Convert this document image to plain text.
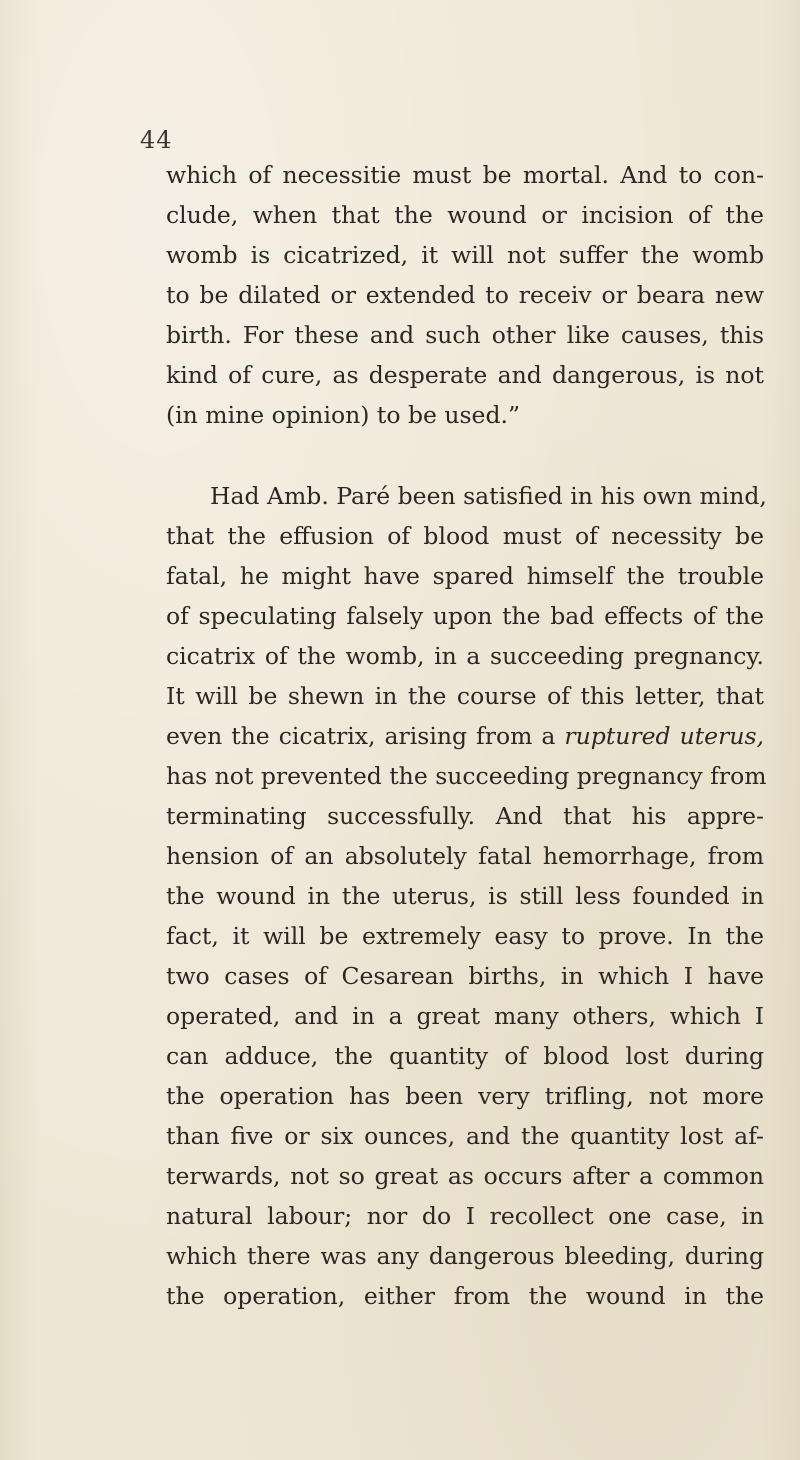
44
which of necessitie must be mortal. And to con-
clude, when that the wound or incision of the
womb is cicatrized, it will not suffer the womb
to be dilated or extended to receiv or beara new
birth. For these and such other like causes, this
kind of cure, as desperate and dangerous, is not
(in mine opinion) to be used.”
Had Amb. Paré been satisfied in his own mind,
that the effusion of blood must of necessity be
fatal, he might have spared himself the trouble
of speculating falsely upon the bad effects of the
cicatrix of the womb, in a succeeding pregnancy.
It will be shewn in the course of this letter, that
even the cicatrix, arising from a ruptured uterus,
has not prevented the succeeding pregnancy from
terminating successfully. And that his appre-
hension of an absolutely fatal hemorrhage, from
the wound in the uterus, is still less founded in
fact, it will be extremely easy to prove. In the
two cases of Cesarean births, in which I have
operated, and in a great many others, which I
can adduce, the quantity of blood lost during
the operation has been very trifling, not more
than five or six ounces, and the quantity lost af-
terwards, not so great as occurs after a common
natural labour; nor do I recollect one case, in
which there was any dangerous bleeding, during
the operation, either from the wound in the
